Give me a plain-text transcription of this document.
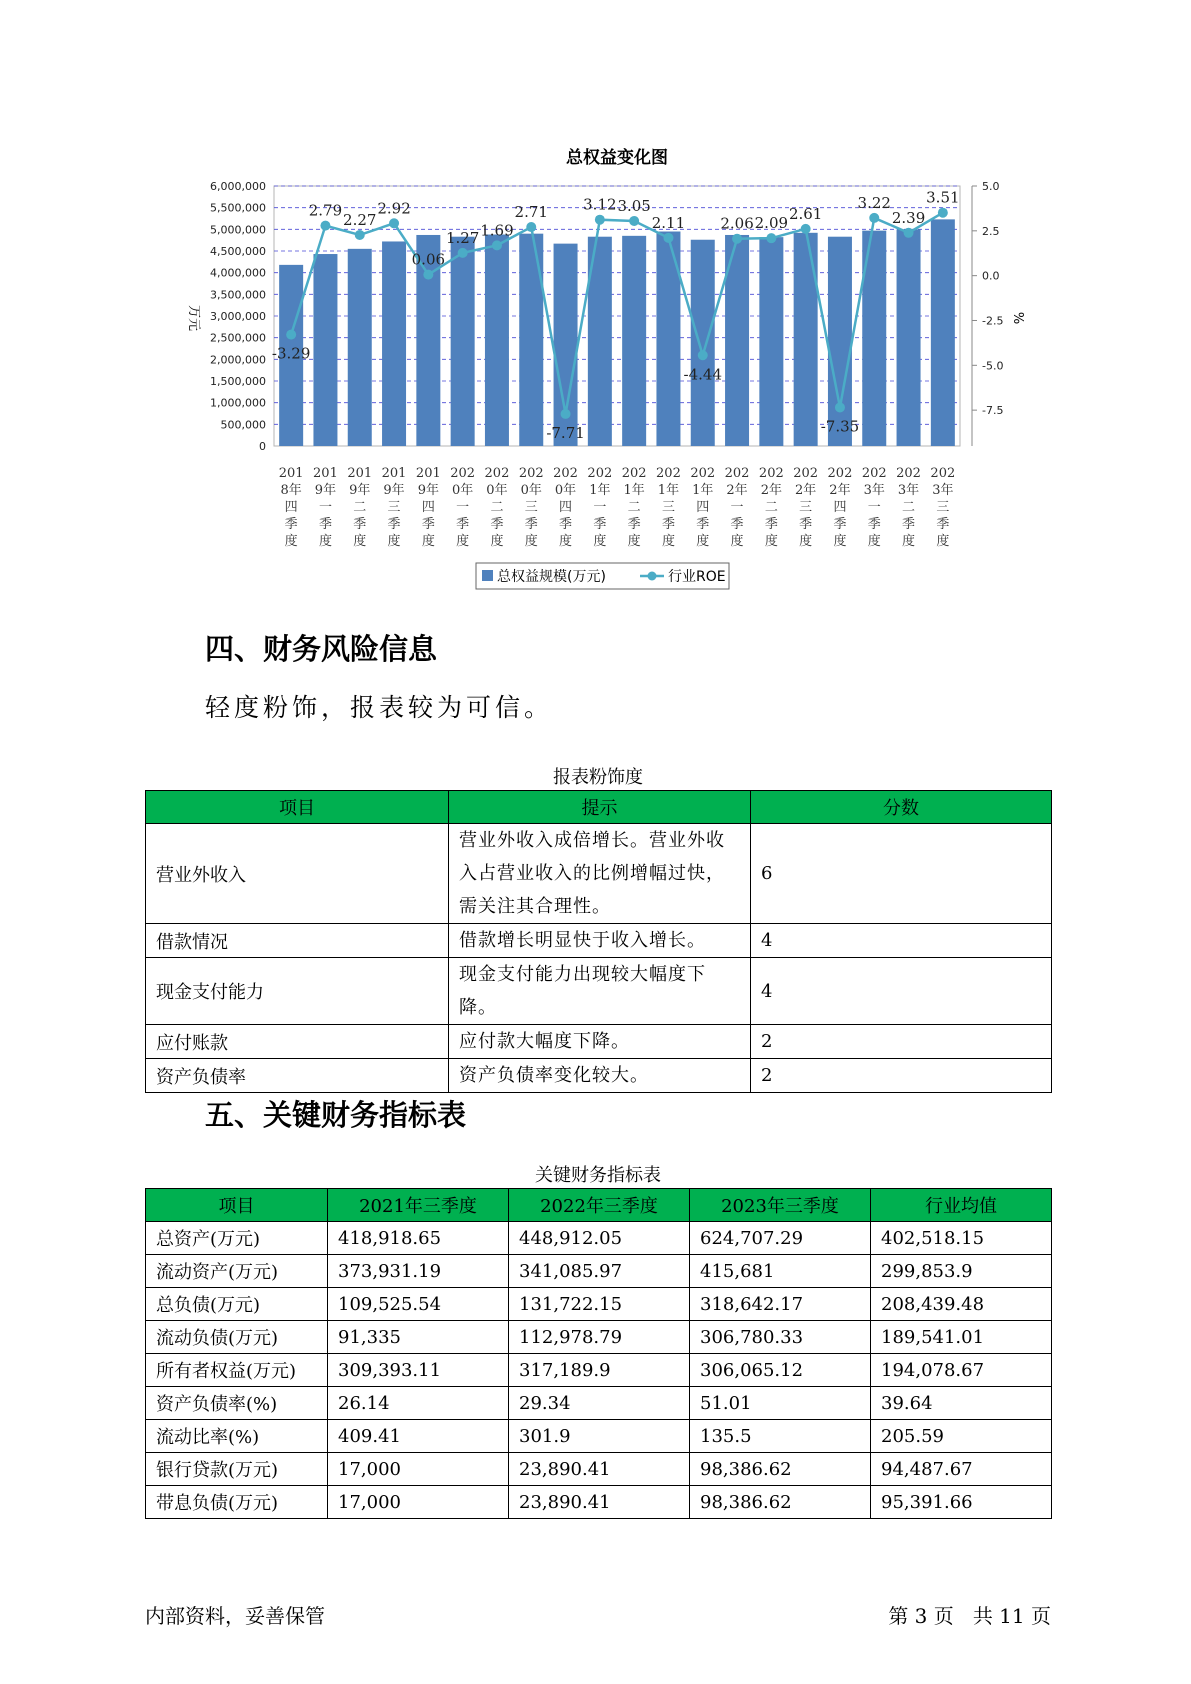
总权益变化图
0
500,000
1,000,000
1,500,000
2,000,000
2,500,000
3,000,000
3,500,000
4,000,000
4,500,000
5,000,000
5,500,000
6,000,000	5.0
2.5
0.0
-2.5
-5.0
-7.5
万元	%
-3.29
2.79
2.27
2.92
0.06
1.27 1.69
2.71
-7.71
3.12 3.05
2.11
-4.44
2.06 2.09
2.61
-7.35
3.22
2.39
3.51
201
8年
四
季
度
201
9年
一
季
度
201
9年
二
季
度
201
9年
三
季
度
201
9年
四
季
度
202
0年
一
季
度
202
0年
二
季
度
202
0年
三
季
度
202
0年
四
季
度
202
1年
一
季
度
202
1年
二
季
度
202
1年
三
季
度
202
1年
四
季
度
202
2年
一
季
度
202
2年
二
季
度
202
2年
三
季
度
202
2年
四
季
度
202
3年
一
季
度
202
3年
二
季
度
202
3年
三
季
度
总权益规模(万元)	行业ROE
四、财务风险信息
轻度粉饰，报表较为可信。
报表粉饰度
项目	提示	分数
营业外收入	营业外收入成倍增长。营业外收入占营业收入的比例增幅过快，需关注其合理性。	6
借款情况	借款增长明显快于收入增长。	4
现金支付能力	现金支付能力出现较大幅度下降。	4
应付账款	应付款大幅度下降。	2
资产负债率	资产负债率变化较大。	2
五、关键财务指标表
关键财务指标表
项目	2021年三季度	2022年三季度	2023年三季度	行业均值
总资产(万元)	418,918.65	448,912.05	624,707.29	402,518.15
流动资产(万元)	373,931.19	341,085.97	415,681	299,853.9
总负债(万元)	109,525.54	131,722.15	318,642.17	208,439.48
流动负债(万元)	91,335	112,978.79	306,780.33	189,541.01
所有者权益(万元)	309,393.11	317,189.9	306,065.12	194,078.67
资产负债率(%)	26.14	29.34	51.01	39.64
流动比率(%)	409.41	301.9	135.5	205.59
银行贷款(万元)	17,000	23,890.41	98,386.62	94,487.67
带息负债(万元)	17,000	23,890.41	98,386.62	95,391.66
内部资料，妥善保管	第 3 页   共 11 页
